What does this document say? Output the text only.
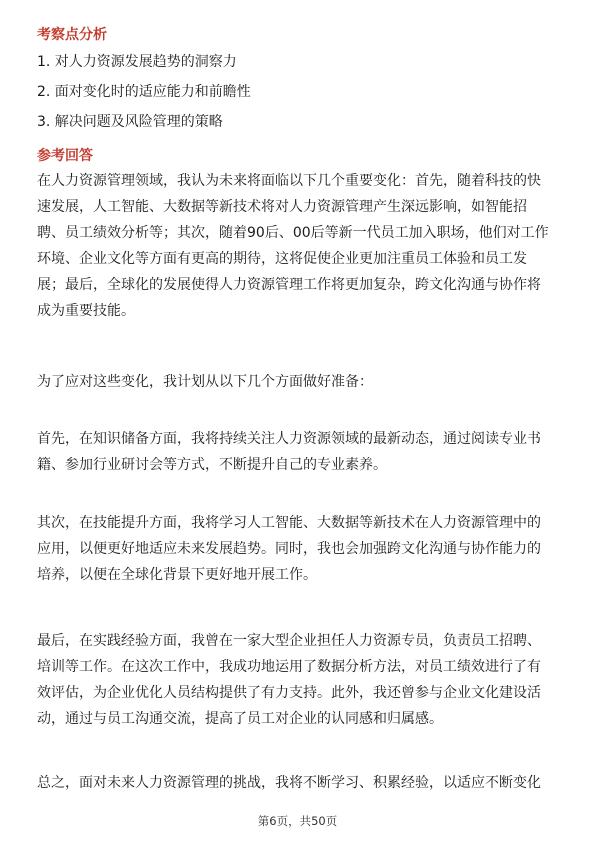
考察点分析
1. 对人力资源发展趋势的洞察力
2. 面对变化时的适应能力和前瞻性
3. 解决问题及风险管理的策略
参考回答
在人力资源管理领域，我认为未来将面临以下几个重要变化：首先，随着科技的快
速发展，人工智能、大数据等新技术将对人力资源管理产生深远影响，如智能招
聘、员工绩效分析等；其次，随着90后、00后等新一代员工加入职场，他们对工作
环境、企业文化等方面有更高的期待，这将促使企业更加注重员工体验和员工发
展；最后，全球化的发展使得人力资源管理工作将更加复杂，跨文化沟通与协作将
成为重要技能。
为了应对这些变化，我计划从以下几个方面做好准备：
首先，在知识储备方面，我将持续关注人力资源领域的最新动态，通过阅读专业书
籍、参加行业研讨会等方式，不断提升自己的专业素养。
其次，在技能提升方面，我将学习人工智能、大数据等新技术在人力资源管理中的
应用，以便更好地适应未来发展趋势。同时，我也会加强跨文化沟通与协作能力的
培养，以便在全球化背景下更好地开展工作。
最后，在实践经验方面，我曾在一家大型企业担任人力资源专员，负责员工招聘、
培训等工作。在这次工作中，我成功地运用了数据分析方法，对员工绩效进行了有
效评估，为企业优化人员结构提供了有力支持。此外，我还曾参与企业文化建设活
动，通过与员工沟通交流，提高了员工对企业的认同感和归属感。
总之，面对未来人力资源管理的挑战，我将不断学习、积累经验，以适应不断变化
第6页，共50页
